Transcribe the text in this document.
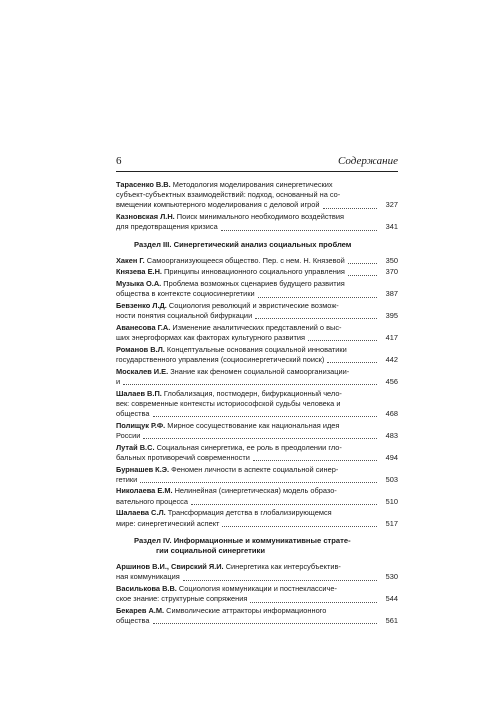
6	Содержание

Тарасенко В.В. Методология моделирования синергетических

субъект-субъектных взаимодействий: подход, основанный на со-

вмещении компьютерного моделирования с деловой игрой	327

Казновская Л.Н. Поиск минимального необходимого воздействия

для предотвращения кризиса	341
Раздел III. Синергетический анализ социальных проблем
Хакен Г. Самоорганизующееся общество. Пер. с нем. Н. Князевой	350
Князева Е.Н. Принципы инновационного социального управления	370

Музыка О.А. Проблема возможных сценариев будущего развития

общества в контексте социосинергетики	387

Бевзенко Л.Д. Социология революций и эвристические возмож-

ности понятия социальной бифуркации	395

Аванесова Г.А. Изменение аналитических представлений о выс-

ших энергоформах как факторах культурного развития	417

Романов В.Л. Концептуальные основания социальной инноватики

государственного управления (социосинергетический поиск)	442

Москалев И.Е. Знание как феномен социальной самоорганизации-

и	456

Шалаев В.П. Глобализация, постмодерн, бифуркационный чело-

век: современные контексты историософской судьбы человека и

общества	468

Полищук Р.Ф. Мирное сосуществование как национальная идея

России	483

Лутай В.С. Социальная синергетика, ее роль в преодолении гло-

бальных противоречий современности	494

Бурнашев К.Э. Феномен личности в аспекте социальной синер-

гетики	503

Николаева Е.М. Нелинейная (синергетическая) модель образо-

вательного процесса	510

Шалаева С.Л. Трансформация детства в глобализирующемся

мире: синергетический аспект	517
Раздел IV. Информационные и коммуникативные страте-
гии социальной синергетики

Аршинов В.И., Свирский Я.И. Синергетика как интерсубъектив-

ная коммуникация	530

Василькова В.В. Социология коммуникации и постнеклассиче-

ское знание: структурные сопряжения	544

Бекарев А.М. Символические аттракторы информационного

общества	561
